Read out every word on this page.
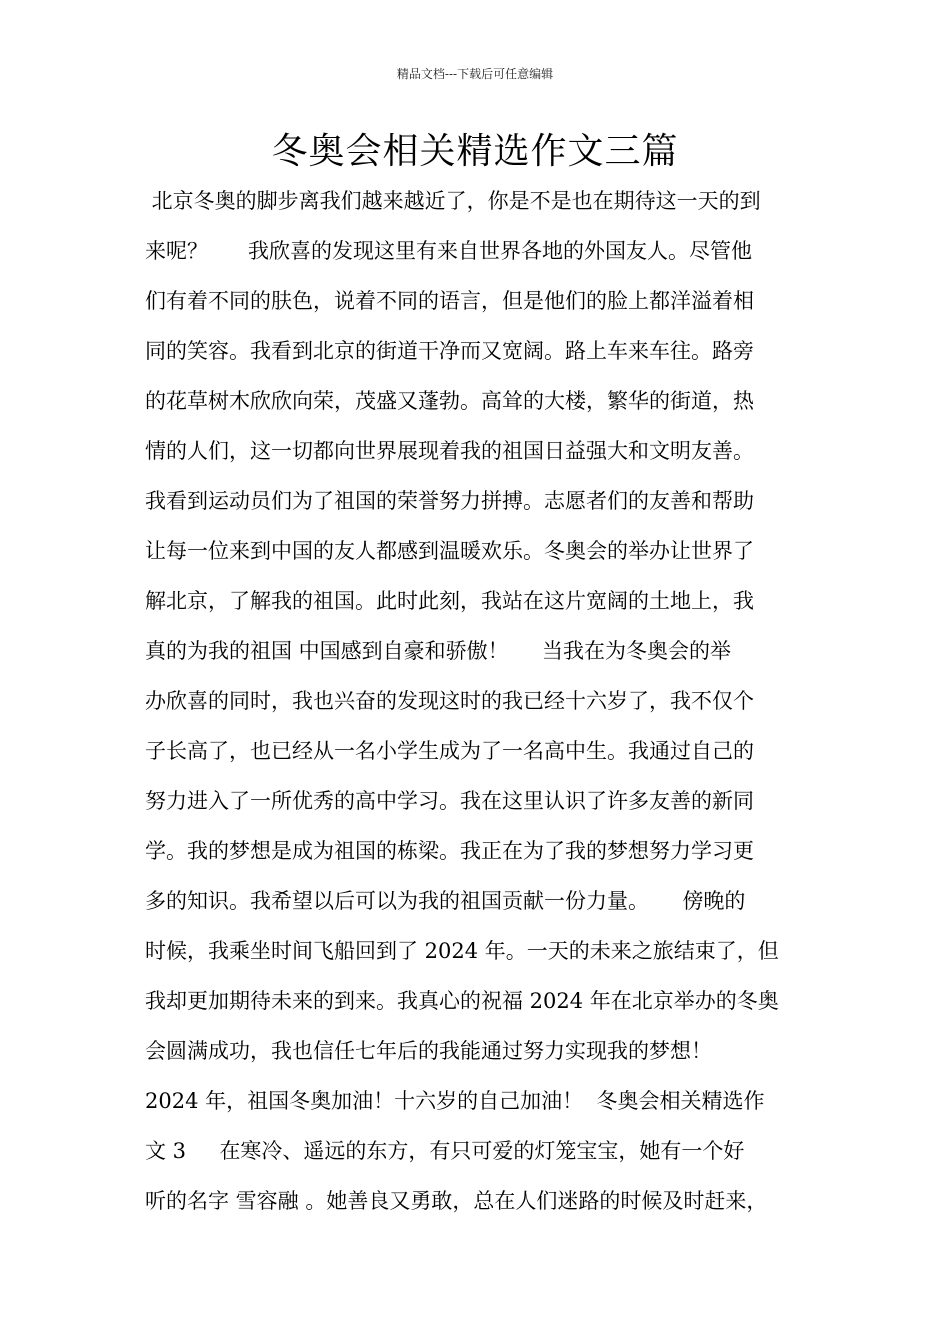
精品文档---下载后可任意编辑
冬奥会相关精选作文三篇
北京冬奥的脚步离我们越来越近了，你是不是也在期待这一天的到
来呢？      我欣喜的发现这里有来自世界各地的外国友人。尽管他
们有着不同的肤色，说着不同的语言，但是他们的脸上都洋溢着相
同的笑容。我看到北京的街道干净而又宽阔。路上车来车往。路旁
的花草树木欣欣向荣，茂盛又蓬勃。高耸的大楼，繁华的街道，热
情的人们，这一切都向世界展现着我的祖国日益强大和文明友善。
我看到运动员们为了祖国的荣誉努力拼搏。志愿者们的友善和帮助
让每一位来到中国的友人都感到温暖欢乐。冬奥会的举办让世界了
解北京，了解我的祖国。此时此刻，我站在这片宽阔的土地上，我
真的为我的祖国 中国感到自豪和骄傲！     当我在为冬奥会的举
办欣喜的同时，我也兴奋的发现这时的我已经十六岁了，我不仅个
子长高了，也已经从一名小学生成为了一名高中生。我通过自己的
努力进入了一所优秀的高中学习。我在这里认识了许多友善的新同
学。我的梦想是成为祖国的栋梁。我正在为了我的梦想努力学习更
多的知识。我希望以后可以为我的祖国贡献一份力量。     傍晚的
时候，我乘坐时间飞船回到了 2024 年。一天的未来之旅结束了，但
我却更加期待未来的到来。我真心的祝福 2024 年在北京举办的冬奥
会圆满成功，我也信任七年后的我能通过努力实现我的梦想！
2024 年，祖国冬奥加油！十六岁的自己加油！  冬奥会相关精选作
文 3     在寒冷、遥远的东方，有只可爱的灯笼宝宝，她有一个好
听的名字 雪容融 。她善良又勇敢，总在人们迷路的时候及时赶来，
